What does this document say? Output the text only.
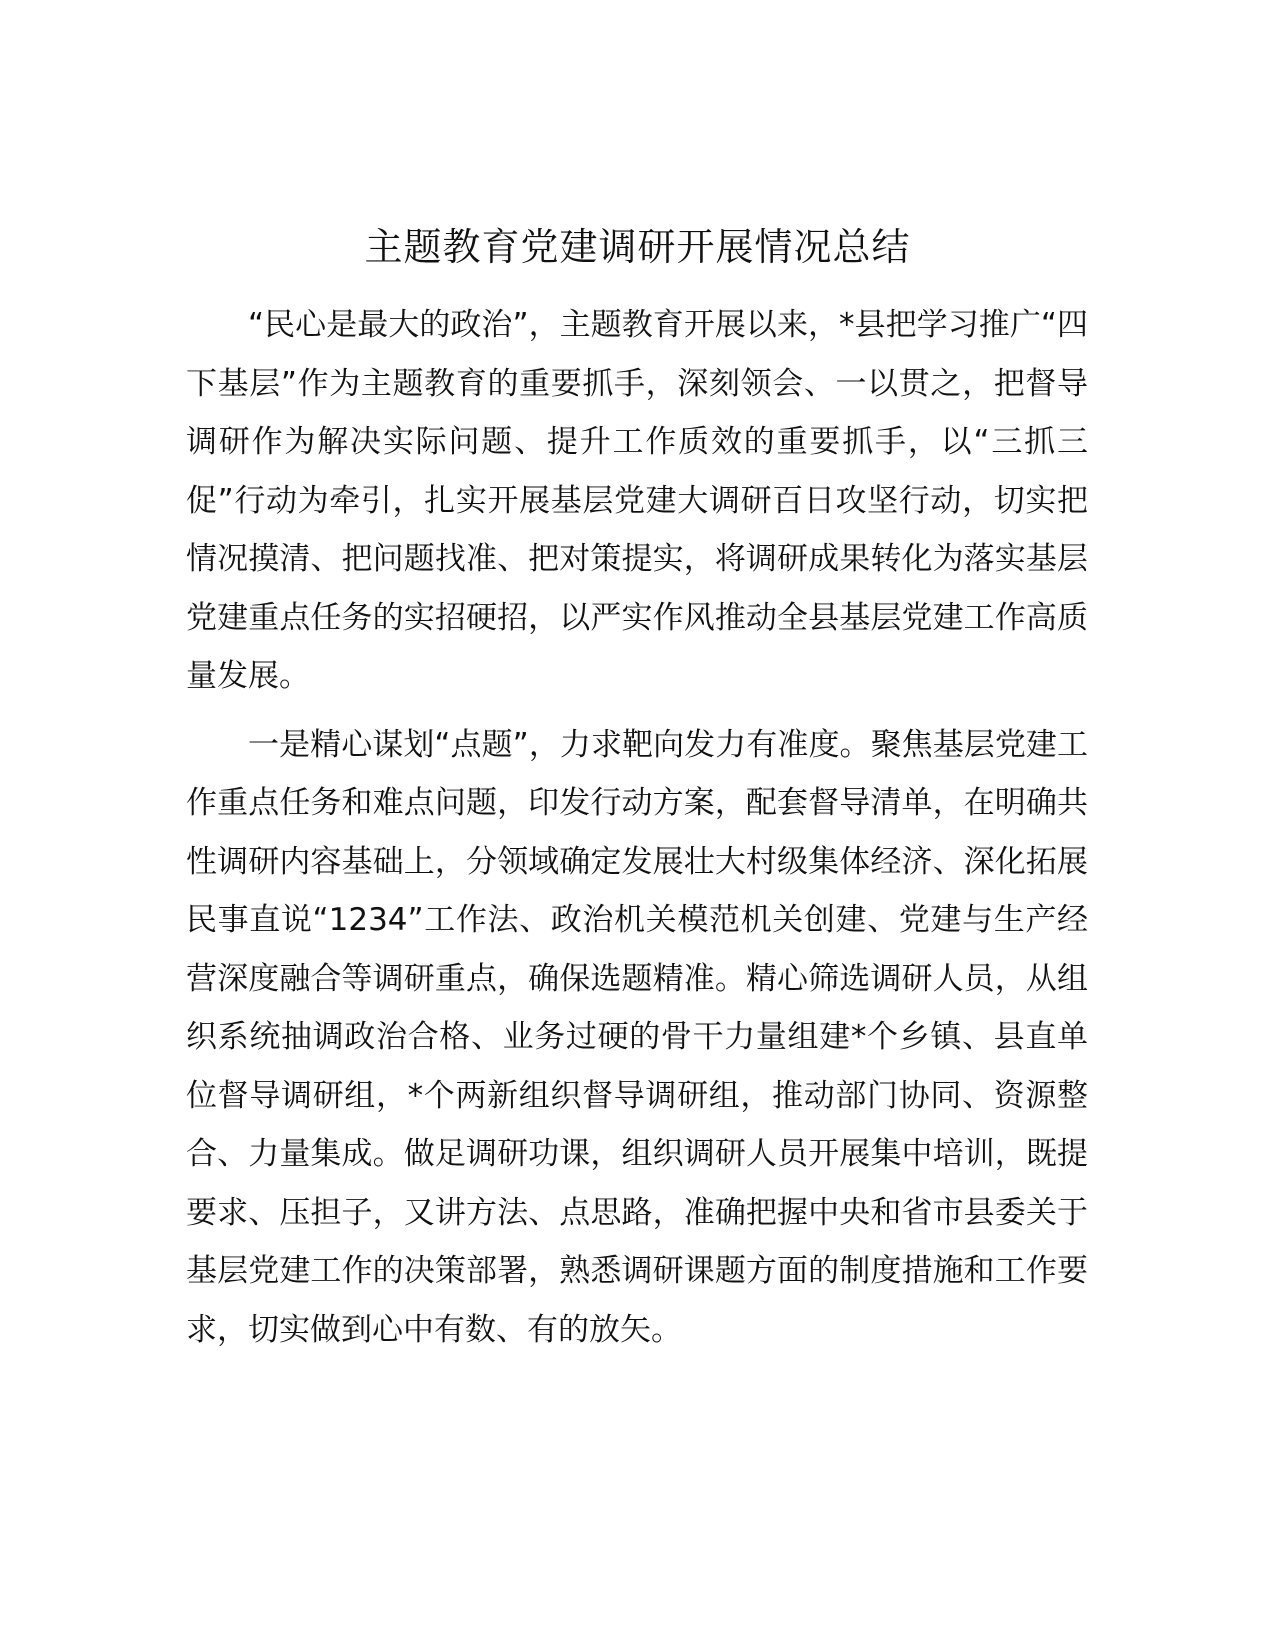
主题教育党建调研开展情况总结

“民心是最大的政治”，主题教育开展以来，*县把学习推广“四下基层”作为主题教育的重要抓手，深刻领会、一以贯之，把督导调研作为解决实际问题、提升工作质效的重要抓手，以“三抓三促”行动为牵引，扎实开展基层党建大调研百日攻坚行动，切实把情况摸清、把问题找准、把对策提实，将调研成果转化为落实基层党建重点任务的实招硬招，以严实作风推动全县基层党建工作高质量发展。

一是精心谋划“点题”，力求靶向发力有准度。聚焦基层党建工作重点任务和难点问题，印发行动方案，配套督导清单，在明确共性调研内容基础上，分领域确定发展壮大村级集体经济、深化拓展民事直说“1234”工作法、政治机关模范机关创建、党建与生产经营深度融合等调研重点，确保选题精准。精心筛选调研人员，从组织系统抽调政治合格、业务过硬的骨干力量组建*个乡镇、县直单位督导调研组，*个两新组织督导调研组，推动部门协同、资源整合、力量集成。做足调研功课，组织调研人员开展集中培训，既提要求、压担子，又讲方法、点思路，准确把握中央和省市县委关于基层党建工作的决策部署，熟悉调研课题方面的制度措施和工作要求，切实做到心中有数、有的放矢。
